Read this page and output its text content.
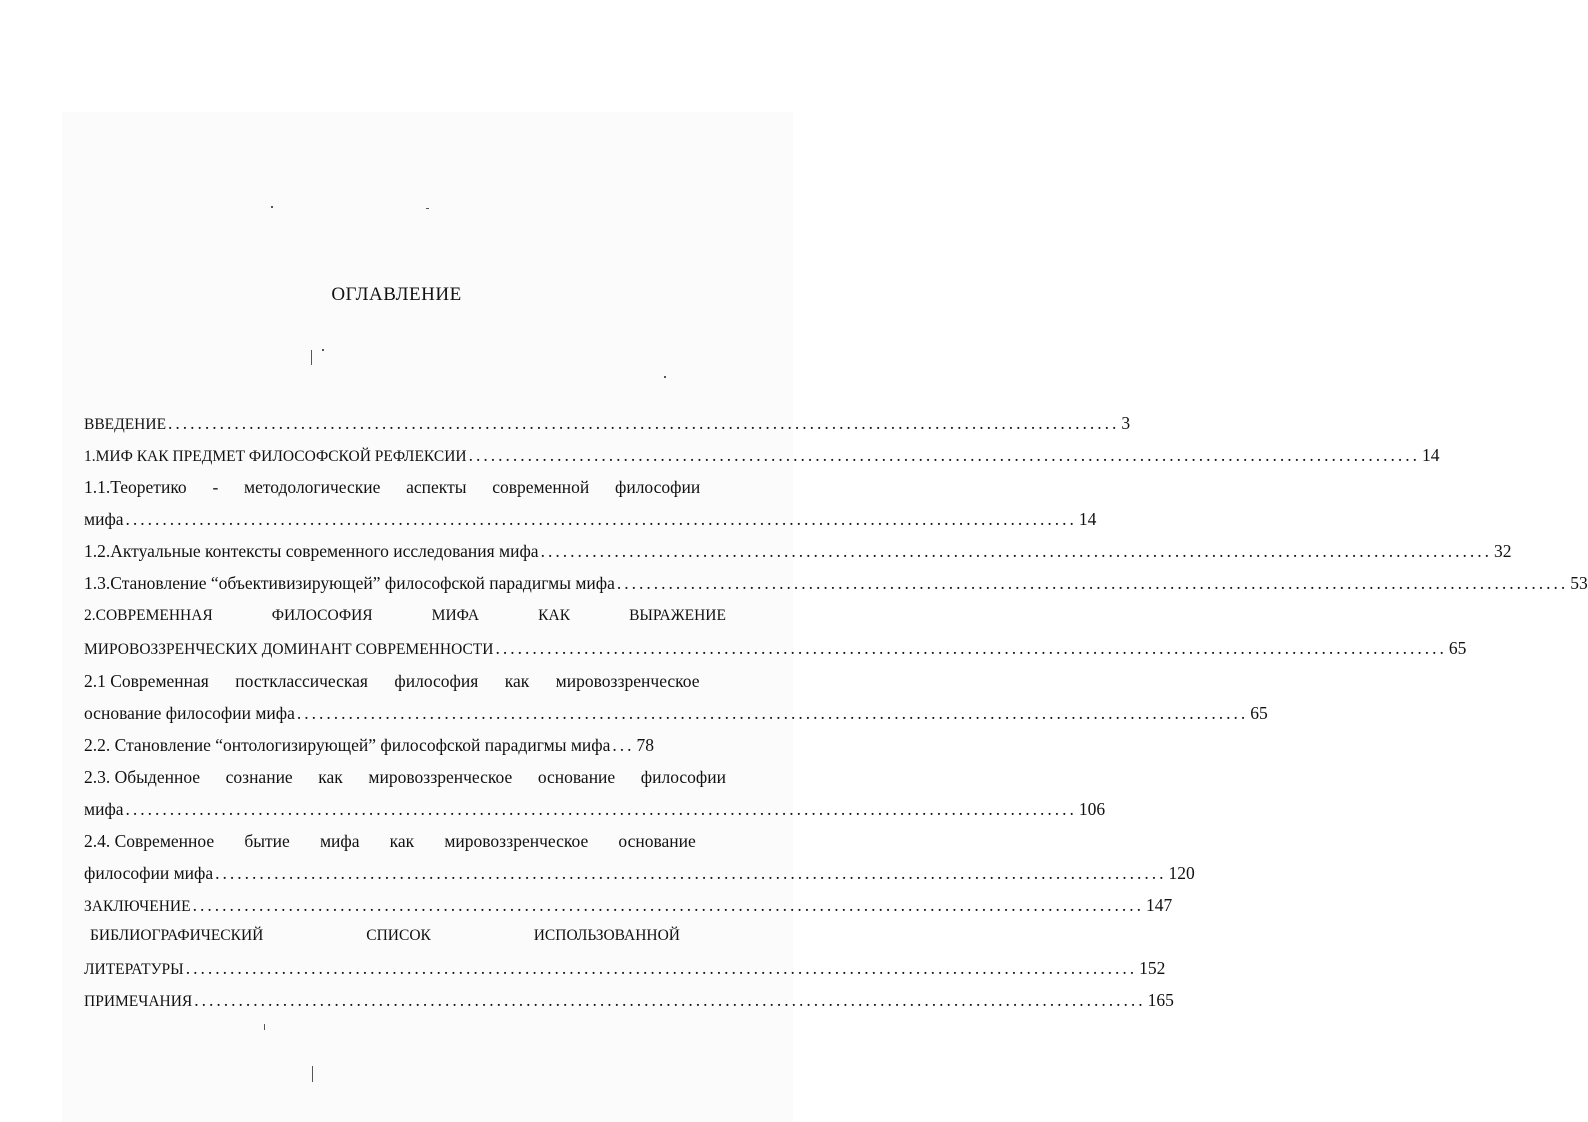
ОГЛАВЛЕНИЕ
ВВЕДЕНИЕ ................................................................................................................................. 3
1.МИФ КАК ПРЕДМЕТ ФИЛОСОФСКОЙ РЕФЛЕКСИИ ................................................................................................................................. 14
1.1.Теоретико - методологические аспекты современной философии
мифа ................................................................................................................................. 14
1.2.Актуальные контексты современного исследования мифа ................................................................................................................................. 32
1.3.Становление “объективизирующей” философской парадигмы мифа ................................................................................................................................. 53
2.СОВРЕМЕННАЯ	ФИЛОСОФИЯ	МИФА	КАК	ВЫРАЖЕНИЕ
МИРОВОЗЗРЕНЧЕСКИХ ДОМИНАНТ СОВРЕМЕННОСТИ ................................................................................................................................. 65
2.1 Современная постклассическая философия как мировоззренческое
основание философии мифа ................................................................................................................................. 65
2.2. Становление “онтологизирующей” философской парадигмы мифа ... 78
2.3. Обыденное сознание как мировоззренческое основание философии
мифа ................................................................................................................................. 106
2.4. Современное бытие мифа как мировоззренческое основание
философии мифа ................................................................................................................................. 120
ЗАКЛЮЧЕНИЕ ................................................................................................................................. 147
БИБЛИОГРАФИЧЕСКИЙ	СПИСОК	ИСПОЛЬЗОВАННОЙ
ЛИТЕРАТУРЫ ................................................................................................................................. 152
ПРИМЕЧАНИЯ ................................................................................................................................. 165
